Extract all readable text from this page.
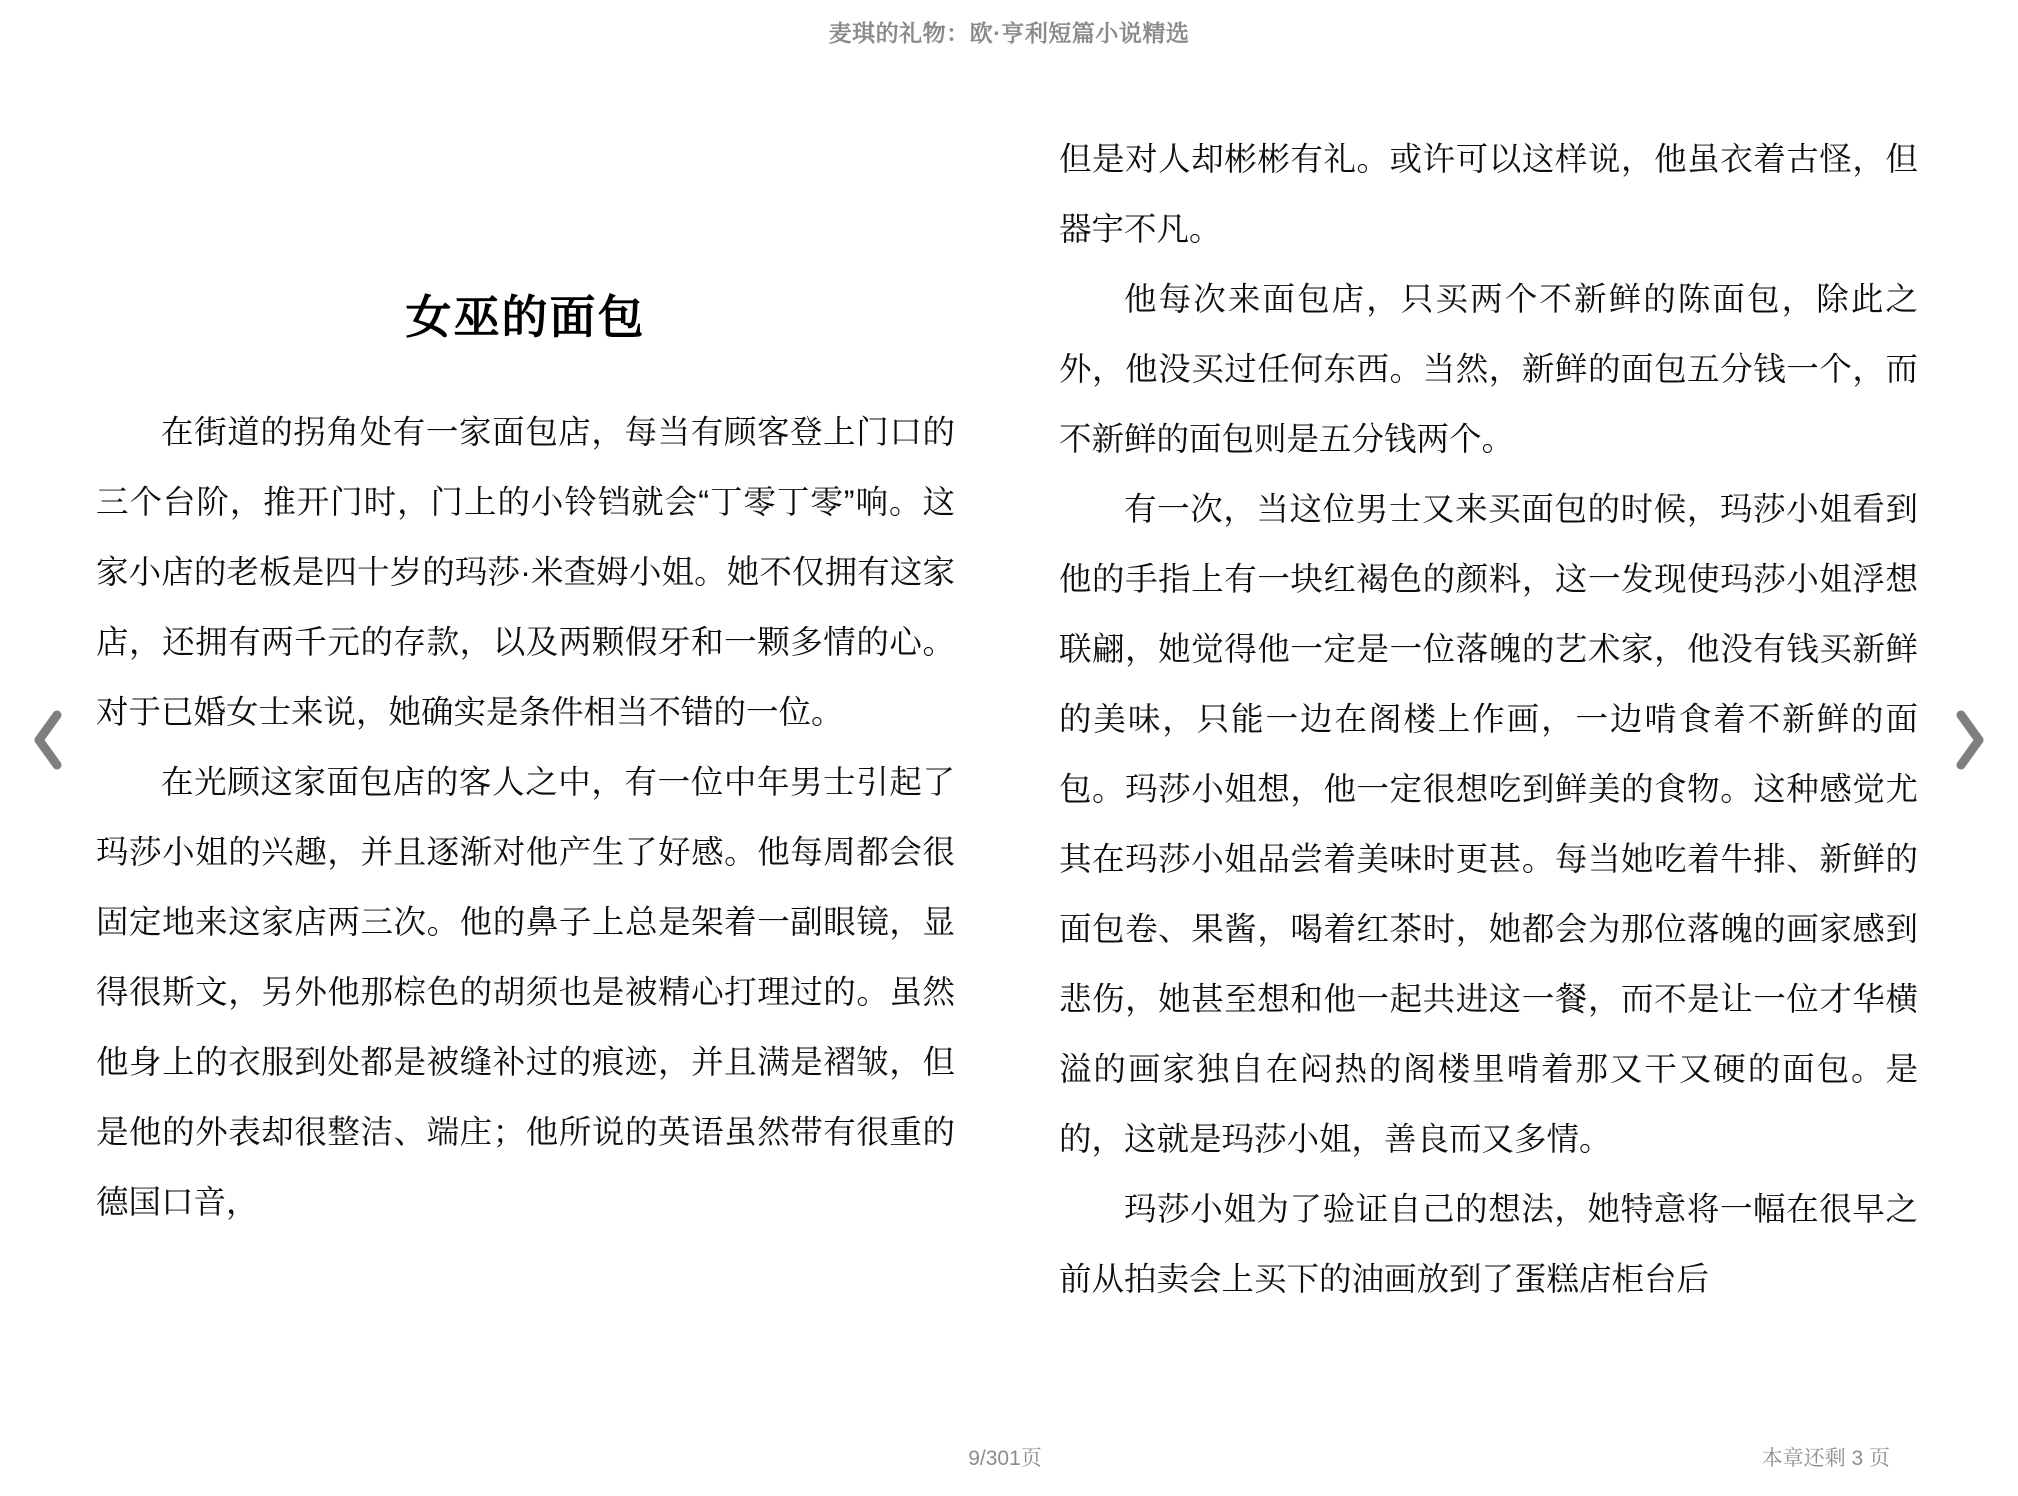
麦琪的礼物：欧·亨利短篇小说精选
女巫的面包

在街道的拐角处有一家面包店，每当有顾客登上门口的三个台阶，推开门时，门上的小铃铛就会“丁零丁零”响。这家小店的老板是四十岁的玛莎·米查姆小姐。她不仅拥有这家店，还拥有两千元的存款，以及两颗假牙和一颗多情的心。对于已婚女士来说，她确实是条件相当不错的一位。

在光顾这家面包店的客人之中，有一位中年男士引起了玛莎小姐的兴趣，并且逐渐对他产生了好感。他每周都会很固定地来这家店两三次。他的鼻子上总是架着一副眼镜，显得很斯文，另外他那棕色的胡须也是被精心打理过的。虽然他身上的衣服到处都是被缝补过的痕迹，并且满是褶皱，但是他的外表却很整洁、端庄；他所说的英语虽然带有很重的德国口音，

但是对人却彬彬有礼。或许可以这样说，他虽衣着古怪，但器宇不凡。

他每次来面包店，只买两个不新鲜的陈面包，除此之外，他没买过任何东西。当然，新鲜的面包五分钱一个，而不新鲜的面包则是五分钱两个。

有一次，当这位男士又来买面包的时候，玛莎小姐看到他的手指上有一块红褐色的颜料，这一发现使玛莎小姐浮想联翩，她觉得他一定是一位落魄的艺术家，他没有钱买新鲜的美味，只能一边在阁楼上作画，一边啃食着不新鲜的面包。玛莎小姐想，他一定很想吃到鲜美的食物。这种感觉尤其在玛莎小姐品尝着美味时更甚。每当她吃着牛排、新鲜的面包卷、果酱，喝着红茶时，她都会为那位落魄的画家感到悲伤，她甚至想和他一起共进这一餐，而不是让一位才华横溢的画家独自在闷热的阁楼里啃着那又干又硬的面包。是的，这就是玛莎小姐，善良而又多情。

玛莎小姐为了验证自己的想法，她特意将一幅在很早之前从拍卖会上买下的油画放到了蛋糕店柜台后

9/301页	本章还剩 3 页
